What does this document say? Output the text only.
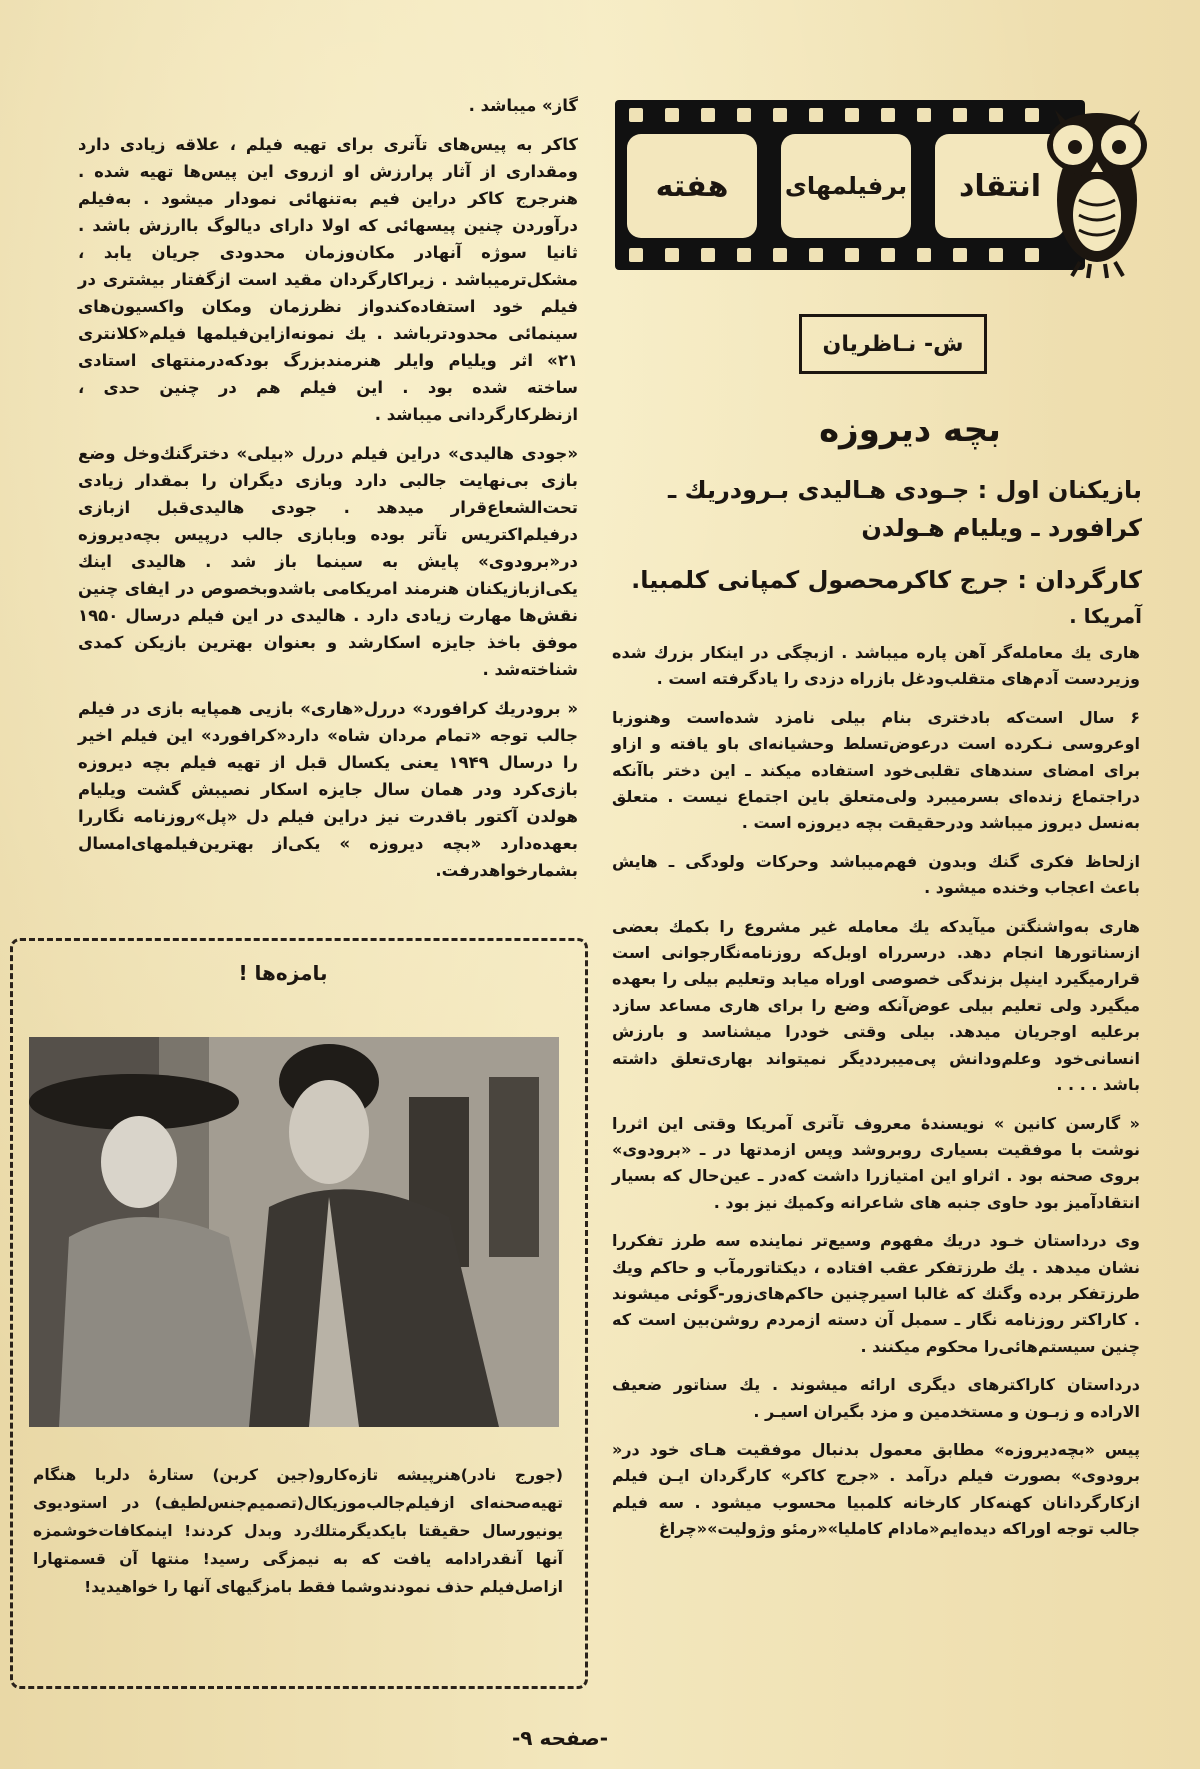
هفته	برفیلمهای	انتقاد
ش- نـاظریان
بچه دیروزه
بازیکنان اول : جـودی هـالیدی بـرودریك ـ
کرافورد ـ ویلیام هـولدن
کارگردان : جرج کاکرمحصول کمپانی کلمبیا.
آمریکا .

گاز» میباشد .

کاکر به پیس‌های تآتری برای تهیه فیلم ، علاقه زیادی دارد ومقداری از آثار پرارزش او ازروی این پیس‌ها تهیه شده . هنرجرج کاکر دراین فیم به‌تنهائی نمودار میشود . به‌فیلم درآوردن چنین پیسهائی که اولا دارای دیالوگ باارزش باشد . ثانیا سوژه آنهادر مکان‌وزمان محدودی جریان یابد ، مشکل‌ترمیباشد . زیراکارگردان مقید است ازگفتار بیشتری در فیلم خود استفاده‌کند‌واز نظرزمان ومکان واکسیون‌های سینمائی محدودترباشد . یك نمونه‌ازاین‌فیلمها فیلم«کلانتری ۲۱» اثر ویلیام وایلر هنرمندبزرگ بودکه‌درمنتهای استادی ساخته شده بود . این فیلم هم در چنین حدی ، ازنظرکار‌گردانی میباشد .

«جودی هالیدی» دراین فیلم دررل «بیلی» دخترگنك‌وخل وضع بازی بی‌نهایت جالبی دارد وبازی دیگران را بمقدار زیادی تحت‌الشعاع‌قرار میدهد . جودی هالیدی‌قبل ازبازی درفیلم‌اکتریس تآتر بوده وبابازی جالب درپیس بچه‌دیروزه در«برودوی» پایش به سینما باز شد . هالیدی اینك یکی‌ازبازیکنان هنرمند امریکامی باشدوبخصوص در ایفای چنین نقش‌ها مهارت زیادی دارد . هالیدی در این فیلم درسال ۱۹۵۰ موفق باخذ جایزه اسکارشد و بعنوان بهترین بازیکن کمدی شناخته‌شد .

« برودریك کرافورد» دررل«هاری» بازیی همپایه بازی در فیلم جالب توجه «تمام مردان شاه» دارد«کرافورد» این فیلم اخیر را درسال ۱۹۴۹ یعنی یکسال قبل از تهیه فیلم بچه دیروزه بازی‌کرد ودر همان سال جایزه اسکار نصیبش گشت ویلیام هولدن آ‌کتور باقدرت نیز دراین فیلم دل «پل»روزنامه نگاررا بعهده‌دارد «بچه دیروزه » یکی‌از بهترین‌فیلمهای‌امسال بشمارخواهدرفت.

هاری یك معامله‌گر آهن پاره میباشد . ازبچگی در اینکار بزرك شده وزیردست آدم‌های متقلب‌ودغل بازراه دزدی را یادگرفته است .

۶ سال است‌که بادختری بنام بیلی نامزد شده‌است وهنوزبا اوعروسی نـکرده است درعوض‌تسلط وحشیانه‌ای باو یافته و ازاو برای امضای سندهای تقلبی‌خود استفاده میکند ـ این دختر باآنکه دراجتماع زنده‌ای بسرمیبرد ولی‌متعلق باین اجتماع نیست . متعلق به‌نسل دیروز میباشد ودرحقیقت بچه دیروزه است .

ازلحاظ فکری گنك وبدون فهم‌میباشد وحرکات ولودگی ـ هایش باعث اعجاب وخنده میشود .

هاری به‌واشنگتن میآیدکه یك معامله غیر مشروع را بکمك بعضی ازسناتورها انجام دهد. درسرراه اوبل‌که روزنامه‌نگارجوانی است قرارمیگیرد اینپل بزندگی خصوصی اوراه میابد وتعلیم بیلی را بعهده میگیرد ولی تعلیم بیلی عوض‌آنکه وضع را برای هاری مساعد سازد برعلیه اوجریان میدهد. بیلی وقتی خودرا میشناسد و بارزش انسانی‌خود وعلم‌ودانش پی‌میبرددیگر نمیتواند بهاری‌تعلق داشته باشد . . . .

« گارسن کانین » نویسندهٔ معروف تآتری آمریکا وقتی این اثررا نوشت با موفقیت بسیاری روبروشد وپس ازمدتها در ـ «برودوی» بروی صحنه بود . اثراو این امتیازرا داشت که‌در ـ عین‌حال که بسیار انتقادآمیز بود حاوی جنبه های شاعرانه وکمیك نیز بود .

وی درداستان خـود دریك مفهوم وسیع‌تر نماینده سه طرز تفکررا نشان میدهد . یك طرزتفکر عقب افتاده ، دیکتاتورمآب و حاکم ویك طرزتفکر برده وگنك که غالبا اسیرچنین حاکم‌های‌زور-گوئی میشوند . کاراکتر روزنامه نگار ـ سمبل آن دسته ازمردم روشن‌بین است که چنین سیستم‌هائی‌را محکوم میکنند .

درداستان کاراکترهای دیگری ارائه میشوند . یك سناتور ضعیف الاراده و زبـون و مستخدمین و مزد بگیران اسیـر .

پیس «بچه‌دیروزه» مطابق معمول بدنبال موفقیت هـای خود در« برودوی» بصورت فیلم درآمد . «جرج کاکر» کارگردان ایـن فیلم ازکارگردانان کهنه‌کار کارخانه کلمبیا محسوب میشود . سه فیلم جالب توجه اوراکه دیده‌ایم«مادام کاملیا»«رمئو وژولیت»«چراغ

بامزه‌ها !
(جورج نادر)هنرپیشه تازه‌کارو(جین کربن) ستارهٔ دلربا هنگام تهیه‌صحنه‌ای ازفیلم‌جالب‌موزیکال(تصمیم‌جنس‌لطیف) در استودیوی یونیورسال حقیقتا بایکدیگرمتلك‌رد وبدل کردند! اینمکافات‌خوشمزه آنها آنقدرادامه یافت که به نیمزگی رسید! منتها آن قسمتهارا ازاصل‌فیلم حذف نمودند‌وشما فقط بامزگیهای آنها را خواهیدید!
-صفحه ۹-
